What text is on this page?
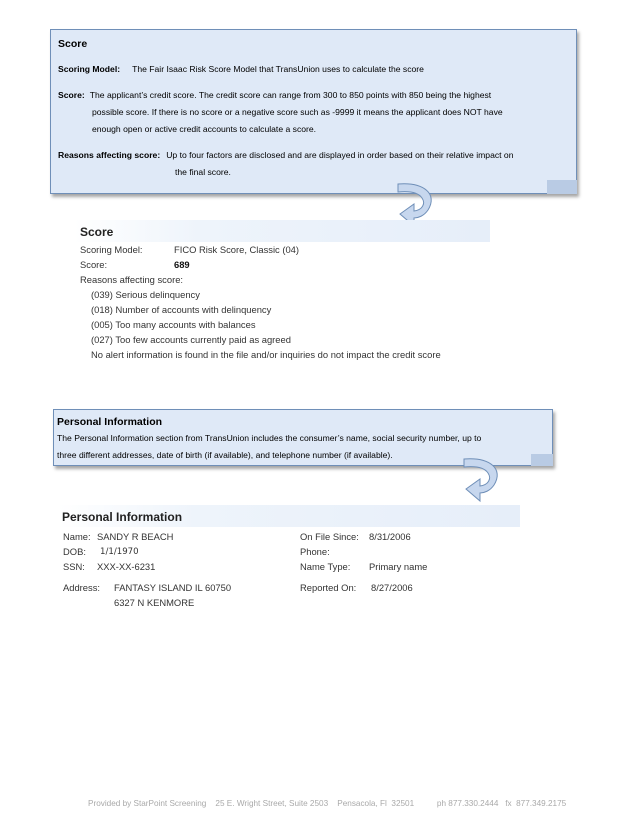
Score
Scoring Model: The Fair Isaac Risk Score Model that TransUnion uses to calculate the score
Score: The applicant’s credit score. The credit score can range from 300 to 850 points with 850 being the highest
possible score. If there is no score or a negative score such as -9999 it means the applicant does NOT have
enough open or active credit accounts to calculate a score.
Reasons affecting score: Up to four factors are disclosed and are displayed in order based on their relative impact on
the final score.
Score
Scoring Model:	FICO Risk Score, Classic (04)
Score:	689
Reasons affecting score:
(039) Serious delinquency
(018) Number of accounts with delinquency
(005) Too many accounts with balances
(027) Too few accounts currently paid as agreed
No alert information is found in the file and/or inquiries do not impact the credit score
Personal Information
The Personal Information section from TransUnion includes the consumer’s name, social security number, up to
three different addresses, date of birth (if available), and telephone number (if available).
Personal Information
Name: SANDY R BEACH
DOB: 1/1/1970
SSN: XXX-XX-6231
Address: FANTASY ISLAND IL 60750
6327 N KENMORE
On File Since: 8/31/2006
Phone:
Name Type: Primary name
Reported On: 8/27/2006
Provided by StarPoint Screening    25 E. Wright Street, Suite 2503    Pensacola, Fl  32501          ph 877.330.2444   fx  877.349.2175
